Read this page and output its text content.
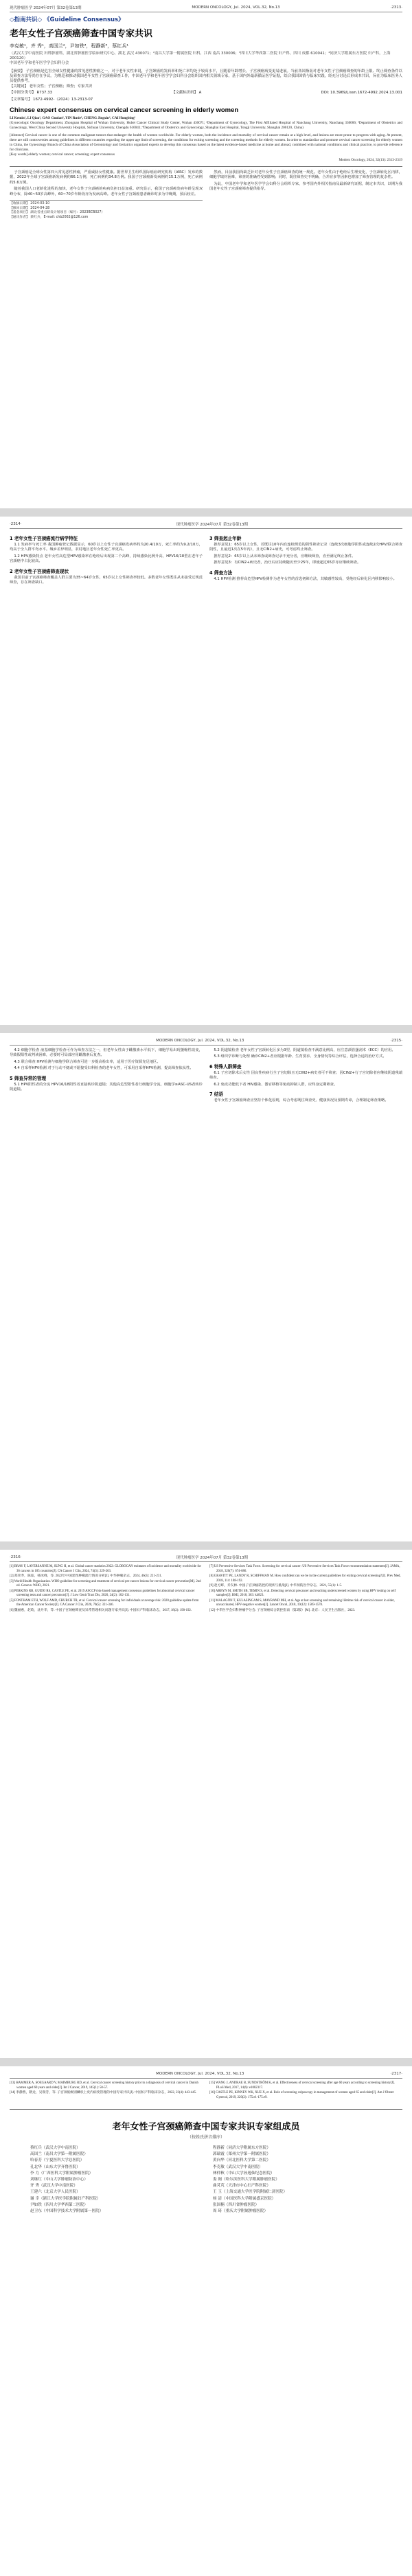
现代肿瘤医学 2024年07月 第32卷第13期	MODERN ONCOLOGY, Jul. 2024, VOL.32, No.13	·2313·
◇指南共识◇ 《Guideline Consensus》
老年女性子宫颈癌筛查中国专家共识
李克敏¹，齐 秀¹，高国兰²，尹如铁³，程静新⁴，蔡红兵¹
（武汉大学中南医院 妇科肿瘤科，湖北省肿瘤医学临床研究中心，湖北 武汉 430071；²南昌大学第一附属医院 妇科，江西 南昌 330006；³四川大学华西第二医院 妇产科，四川 成都 610041；⁴同济大学附属东方医院 妇产科，上海 200120）
中国老年学和老年医学学会妇科分会
【摘要】 子宫颈癌是危害全球女性健康的常见恶性肿瘤之一。对于老年女性来说，子宫颈癌的发病率和死亡率均处于较高水平，且随着年龄增长，子宫颈癌病变更易进展。当前各国指南对老年女性子宫颈癌筛查的年龄上限、终止筛查条件以及筛查方法等尚存在争议。为规范和推动我国老年女性子宫颈癌筛查工作，中国老年学和老年医学学会妇科分会组织国内相关领域专家，基于国内外最新循证医学证据，结合我国国情与临床实践，经充分讨论后形成本共识，旨在为临床医务人员提供参考。
【关键词】 老年女性；子宫颈癌；筛查；专家共识
【中图分类号】 R737.33	【文献标识码】 A	DOI: 10.3969/j.issn.1672-4992.2024.13.001
【文章编号】 1672-4992-（2024）13-2313-07
Chinese expert consensus on cervical cancer screening in elderly women
LI Kemin¹, LI Qiao¹, GAO Guolan², YIN Rutie³, CHENG Jingxin⁴, CAI Hongbing¹
(Gynecologic Oncology Department, Zhongnan Hospital of Wuhan University, Hubei Cancer Clinical Study Center, Wuhan 430071; ²Department of Gynecology, The First Affiliated Hospital of Nanchang University, Nanchang 330006; ³Department of Obstetrics and Gynecology, West China Second University Hospital, Sichuan University, Chengdu 610041; ⁴Department of Obstetrics and Gynecology, Shanghai East Hospital, Tongji University, Shanghai 200120, China)
[Abstract] Cervical cancer is one of the common malignant tumors that endanger the health of women worldwide. For elderly women, both the incidence and mortality of cervical cancer remain at a high level, and lesions are more prone to progress with aging. At present, there are still controversies among guidelines in different countries regarding the upper age limit of screening, the conditions for exiting screening and the screening methods for elderly women. In order to standardize and promote cervical cancer screening for elderly women in China, the Gynecology Branch of China Association of Gerontology and Geriatrics organized experts to develop this consensus based on the latest evidence-based medicine at home and abroad, combined with national conditions and clinical practice, to provide reference for clinicians.
[Key words] elderly women; cervical cancer; screening; expert consensus
Modern Oncology, 2024, 32(13): 2313-2319

子宫颈癌是全球女性第四大常见恶性肿瘤，严重威胁女性健康。据世界卫生组织国际癌症研究机构（IARC）发布的数据，2022年全球子宫颈癌新发病例约66.1万例，死亡病例约34.8万例。我国子宫颈癌新发病例约15.1万例，死亡病例约5.6万例。

随着我国人口老龄化进程的加快，老年女性子宫颈癌的疾病负担日益加重。研究显示，我国子宫颈癌发病年龄呈现双峰分布，除40~50岁高峰外，60~70岁年龄段亦为发病高峰。老年女性子宫颈癌患者确诊时多为中晚期，预后较差。

【收稿日期】 2024-03-10
【修回日期】 2024-04-28
【基金项目】 湖北省重点研发计划项目（编号：2023BCB027）
【通讯作者】 蔡红兵，E-mail: chb2002@126.com

然而，目前我国尚缺乏针对老年女性子宫颈癌筛查的统一规范。老年女性由于绝经后生理变化，子宫颈转化区内移，细胞学取材困难，筛查的准确性受到影响；同时，既往筛查史不明确、合并症多等因素也增加了筛查管理的复杂性。

为此，中国老年学和老年医学学会妇科分会组织专家，参考国内外相关指南及最新研究证据，制定本共识，以期为我国老年女性子宫颈癌筛查提供指导。

·2314·	现代肿瘤医学 2024年07月 第32卷第13期
1 老年女性子宫颈癌流行病学特征

1.1 发病率与死亡率 我国肿瘤登记数据显示，60岁以上女性子宫颈癌发病率约为20.4/10万，死亡率约为9.2/10万，均高于全人群平均水平。城乡差异明显，农村地区老年女性死亡率更高。

1.2 HPV感染特点 老年女性高危型HPV感染率在绝经后出现第二个高峰，持续感染比例升高，HPV16/18型在老年子宫颈癌中占比较高。

2 老年女性子宫颈癌筛查现状

我国目前子宫颈癌筛查覆盖人群主要为35~64岁女性，65岁以上女性筛查率较低。多数老年女性既往从未接受过规范筛查，存在筛查缺口。

3 筛查起止年龄

推荐意见1：65岁以上女性，若既往10年内有连续规范的阴性筛查记录（连续3次细胞学阴性或连续2次HPV/联合筛查阴性，且最近1次在5年内），且无CIN2+病史，可考虑终止筛查。

推荐意见2：65岁以上从未筛查或筛查记录不充分者，应继续筛查，直至满足终止条件。

推荐意见3：有CIN2+病史者，治疗后应持续随访至少25年，即使超过65岁亦应继续筛查。

4 筛查方法

4.1 HPV检测 推荐高危型HPV检测作为老年女性的首选初筛方法，其敏感性较高，受绝经后转化区内移影响较小。

MODERN ONCOLOGY, Jul. 2024, VOL.32, No.13	·2315·

4.2 细胞学检查 液基细胞学检查可作为筛查方法之一，但老年女性由于雌激素水平低下，细胞学易出现萎缩性改变，导致假阳性或判读困难，必要时可局部应用雌激素后复查。

4.3 联合筛查 HPV检测与细胞学联合筛查可进一步提高检出率，适用于医疗资源充足地区。

4.4 自采样HPV检测 对于行动不便或不愿接受妇科检查的老年女性，可采用自采样HPV检测，提高筛查依从性。

5 筛查异常的管理

5.1 HPV阳性者的分流 HPV16/18阳性者直接转诊阴道镜；其他高危型阳性者行细胞学分流，细胞学≥ASC-US者转诊阴道镜。

5.2 阴道镜检查 老年女性子宫颈转化区多为3型，阴道镜检查不满意比例高，应注意颈管搔刮术（ECC）的应用。

5.3 组织学诊断与处理 确诊CIN2+者应根据年龄、生育要求、全身情况等综合评估，选择合适的治疗方式。

6 特殊人群筛查

6.1 子宫切除术后女性 因良性疾病行全子宫切除且无CIN2+病史者可不筛查；因CIN2+行子宫切除者应继续阴道残端筛查。

6.2 免疫功能低下者 HIV感染、器官移植等免疫抑制人群，应终身定期筛查。

7 结语

老年女性子宫颈癌筛查应坚持个体化原则，综合考虑既往筛查史、健康状况及预期寿命，合理制定筛查策略。

·2316·	现代肿瘤医学 2024年07月 第32卷第13期

[1] BRAY F, LAVERSANNE M, SUNG H, et al. Global cancer statistics 2022: GLOBOCAN estimates of incidence and mortality worldwide for 36 cancers in 185 countries[J]. CA Cancer J Clin, 2024, 74(3): 229-263.

[2] 郑荣寿，陈茹，韩冰峰，等. 2022年中国恶性肿瘤流行情况分析[J]. 中华肿瘤杂志，2024, 46(3): 221-231.

[3] World Health Organization. WHO guideline for screening and treatment of cervical pre-cancer lesions for cervical cancer prevention[M]. 2nd ed. Geneva: WHO, 2021.

[4] PERKINS RB, GUIDO RS, CASTLE PE, et al. 2019 ASCCP risk-based management consensus guidelines for abnormal cervical cancer screening tests and cancer precursors[J]. J Low Genit Tract Dis, 2020, 24(2): 102-131.

[5] FONTHAM ETH, WOLF AMD, CHURCH TR, et al. Cervical cancer screening for individuals at average risk: 2020 guideline update from the American Cancer Society[J]. CA Cancer J Clin, 2020, 70(5): 321-346.

[6] 魏丽惠，赵昀，沈丹华，等. 中国子宫颈癌筛查及异常管理相关问题专家共识[J]. 中国妇产科临床杂志，2017, 18(2): 190-192.

[7] US Preventive Services Task Force. Screening for cervical cancer: US Preventive Services Task Force recommendation statement[J]. JAMA, 2018, 320(7): 674-686.

[8] GRAVITT PE, LANDY R, SCHIFFMAN M. How confident can we be in the current guidelines for exiting cervical screening?[J]. Prev Med, 2018, 114: 188-192.

[9] 赵方辉，乔友林. 中国子宫颈癌防控的现状与挑战[J]. 中华预防医学杂志，2021, 55(1): 1-5.

[10] ARBYN M, SMITH SB, TEMIN S, et al. Detecting cervical precancer and reaching underscreened women by using HPV testing on self samples[J]. BMJ, 2018, 363: k4823.

[11] MALAGÓN T, KULASINGAM S, MAYRAND MH, et al. Age at last screening and remaining lifetime risk of cervical cancer in older, unvaccinated, HPV-negative women[J]. Lancet Oncol, 2018, 19(12): 1569-1578.

[12] 中华医学会妇科肿瘤学分会. 子宫颈癌综合防控指南（第2版）[M]. 北京：人民卫生出版社，2023.

MODERN ONCOLOGY, Jul. 2024, VOL.32, No.13	·2317·

[13] HAMMER A, SOEGAARD V, MAIMBURG RD, et al. Cervical cancer screening history prior to a diagnosis of cervical cancer in Danish women aged 60 years and older[J]. Int J Cancer, 2019, 145(1): 50-57.

[14] 李静然，隋龙，吴瑞芳，等. 子宫颈低级别鳞状上皮内病变管理的中国专家共识[J]. 中国妇产科临床杂志，2022, 23(4): 443-445.

[15] WANG J, ANDRAE B, SUNDSTRÖM K, et al. Effectiveness of cervical screening after age 60 years according to screening history[J]. PLoS Med, 2017, 14(6): e1002317.

[16] CASTLE PE, KINNEY WK, XUE X, et al. Role of screening colposcopy in management of women aged 65 and older[J]. Am J Obstet Gynecol, 2019, 220(2): 175.e1-175.e9.

老年女性子宫颈癌筛查中国专家共识专家组成员
（按姓氏拼音排序）
蔡红兵（武汉大学中南医院）	程静新（同济大学附属东方医院）
高国兰（南昌大学第一附属医院）	郭瑞霞（郑州大学第一附属医院）
哈春芳（宁夏医科大学总医院）	黄向华（河北医科大学第二医院）
孔北华（山东大学齐鲁医院）	李克敏（武汉大学中南医院）
李 力（广西医科大学附属肿瘤医院）	林仲秋（中山大学孙逸仙纪念医院）
刘继红（中山大学肿瘤防治中心）	娄 阁（哈尔滨医科大学附属肿瘤医院）
齐 秀（武汉大学中南医院）	曲芃芃（天津市中心妇产科医院）
王建六（北京大学人民医院）	王 玉（上海交通大学医学院附属仁济医院）
谢 幸（浙江大学医学院附属妇产科医院）	杨 清（中国医科大学附属盛京医院）
尹如铁（四川大学华西第二医院）	张国楠（四川省肿瘤医院）
赵卫东（中国科学技术大学附属第一医院）	周 琦（重庆大学附属肿瘤医院）
